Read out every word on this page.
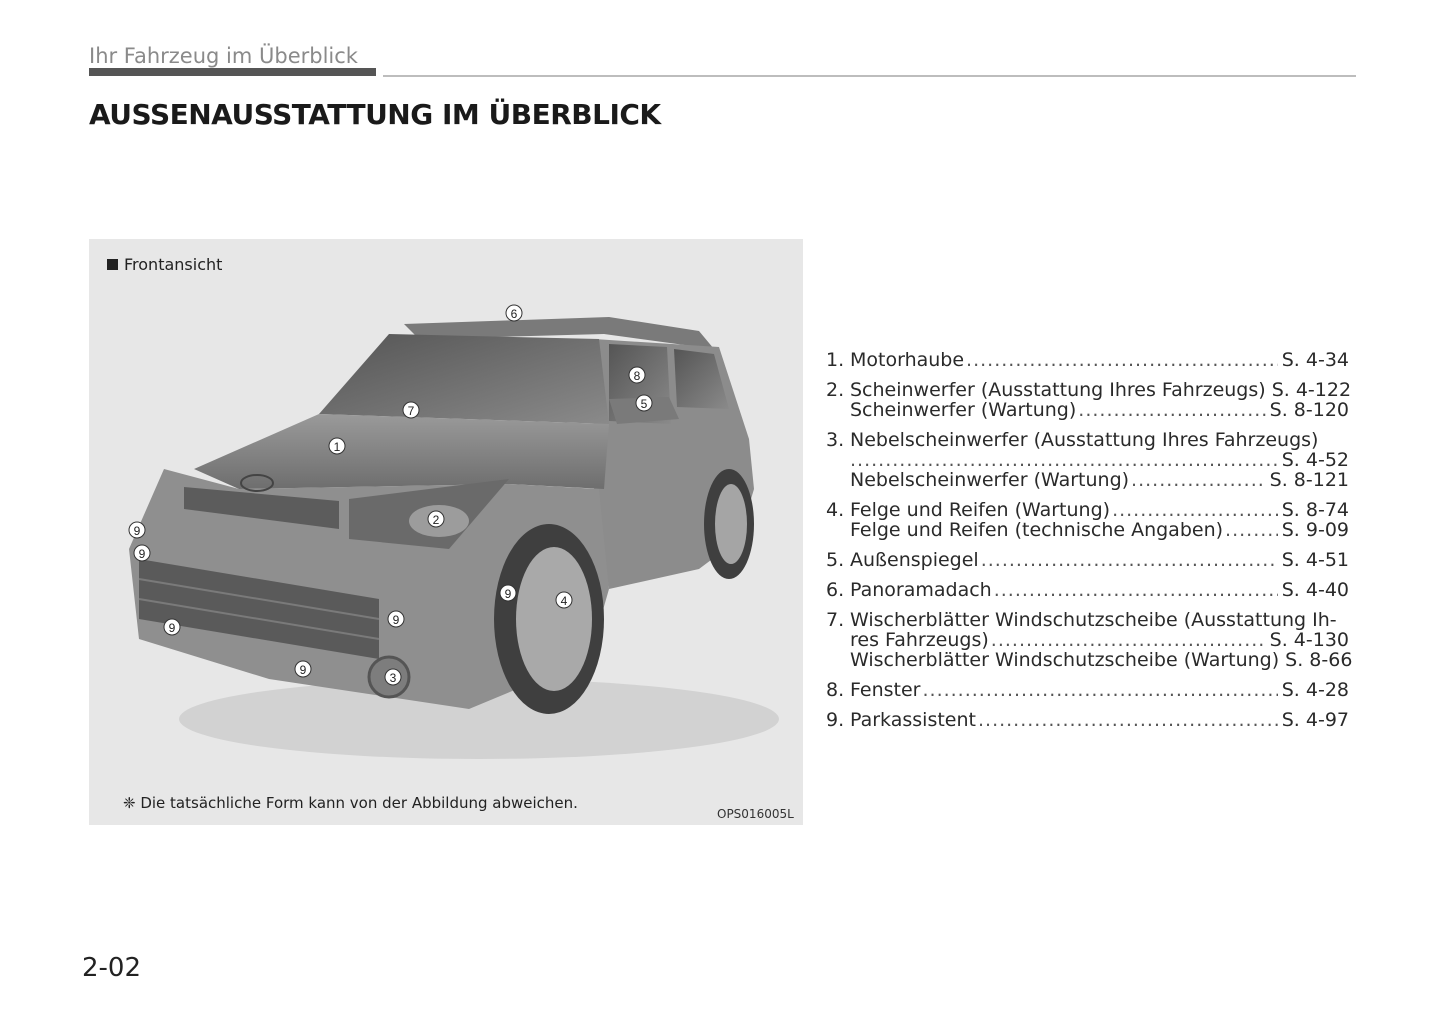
Ihr Fahrzeug im Überblick
AUSSENAUSSTATTUNG IM ÜBERBLICK
1
2
3
4
5
6
7
8
9
9
9
9
9
9
Frontansicht
❈ Die tatsächliche Form kann von der Abbildung abweichen.
OPS016005L
1. Motorhaube .....	S. 4-34
2. Scheinwerfer (Ausstattung Ihres Fahrzeugs) S. 4-122
Scheinwerfer (Wartung) .....	S. 8-120
3. Nebelscheinwerfer (Ausstattung Ihres Fahrzeugs)
.....
S. 4-52
Nebelscheinwerfer (Wartung) .....	S. 8-121
4. Felge und Reifen (Wartung) .....	S. 8-74
Felge und Reifen (technische Angaben) .....	S. 9-09
5. Außenspiegel .....	S. 4-51
6. Panoramadach .....	S. 4-40
7. Wischerblätter Windschutzscheibe (Ausstattung Ih-
res Fahrzeugs) .....	S. 4-130
Wischerblätter Windschutzscheibe (Wartung) S. 8-66
8. Fenster .....	S. 4-28
9. Parkassistent .....	S. 4-97
2-02
